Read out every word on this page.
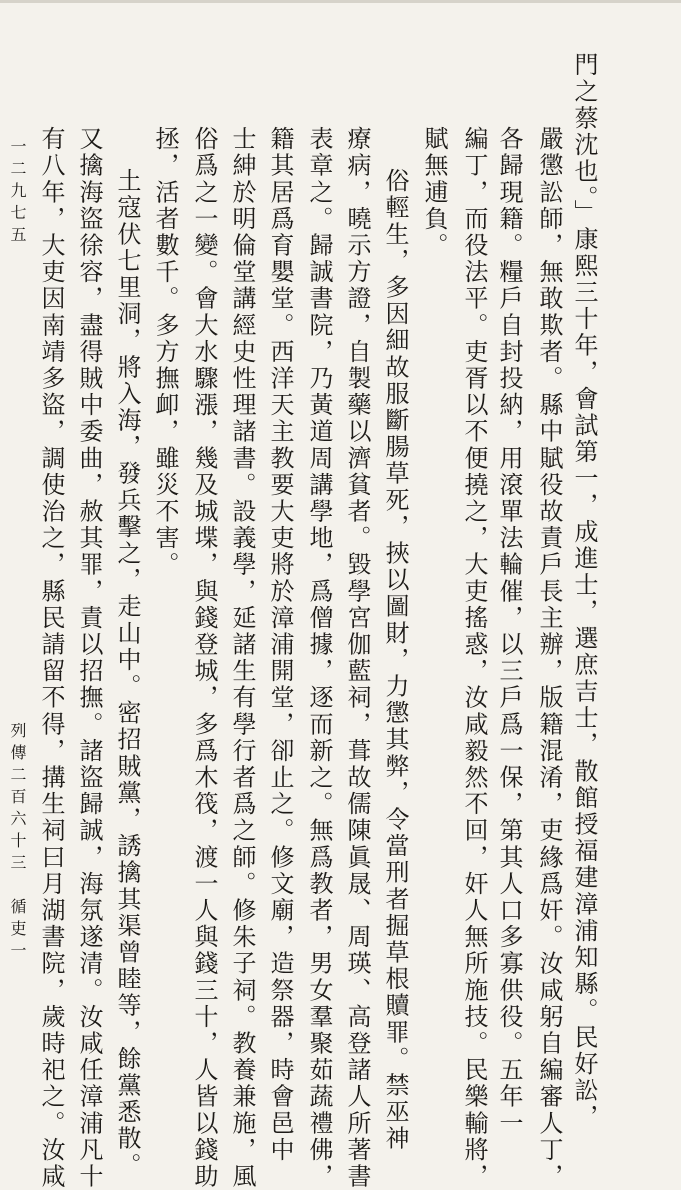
門之蔡沈也。」康熙三十年，會試第一，成進士，選庶吉士，散館授福建漳浦知縣。民好訟，
嚴懲訟師，無敢欺者。縣中賦役故責戶長主辦，版籍混淆，吏緣爲奸。汝咸躬自編審人丁，
各歸現籍。糧戶自封投納，用滾單法輪催，以三戶爲一保，第其人口多寡供役。五年一
編丁，而役法平。吏胥以不便撓之，大吏搖惑，汝咸毅然不回，奸人無所施技。民樂輸將，
賦無逋負。
俗輕生，多因細故服斷腸草死，挾以圖財，力懲其弊，令當刑者掘草根贖罪。禁巫神
療病，曉示方證，自製藥以濟貧者。毀學宮伽藍祠，葺故儒陳眞晟、周瑛、高登諸人所著書
表章之。歸誠書院，乃黃道周講學地，爲僧據，逐而新之。無爲教者，男女羣聚茹蔬禮佛，
籍其居爲育嬰堂。西洋天主教要大吏將於漳浦開堂，卻止之。修文廟，造祭器，時會邑中
士紳於明倫堂講經史性理諸書。設義學，延諸生有學行者爲之師。修朱子祠。教養兼施，風
俗爲之一變。會大水驟漲，幾及城堞，與錢登城，多爲木筏，渡一人與錢三十，人皆以錢助
拯，活者數千。多方撫卹，雖災不害。
土寇伏七里洞，將入海，發兵擊之，走山中。密招賊黨，誘擒其渠曾睦等，餘黨悉散。
又擒海盜徐容，盡得賊中委曲，赦其罪，責以招撫。諸盜歸誠，海氛遂清。汝咸任漳浦凡十
有八年，大吏因南靖多盜，調使治之，縣民請留不得，搆生祠曰月湖書院，歲時祀之。汝咸
列傳二百六十三　循吏一
一二九七五
